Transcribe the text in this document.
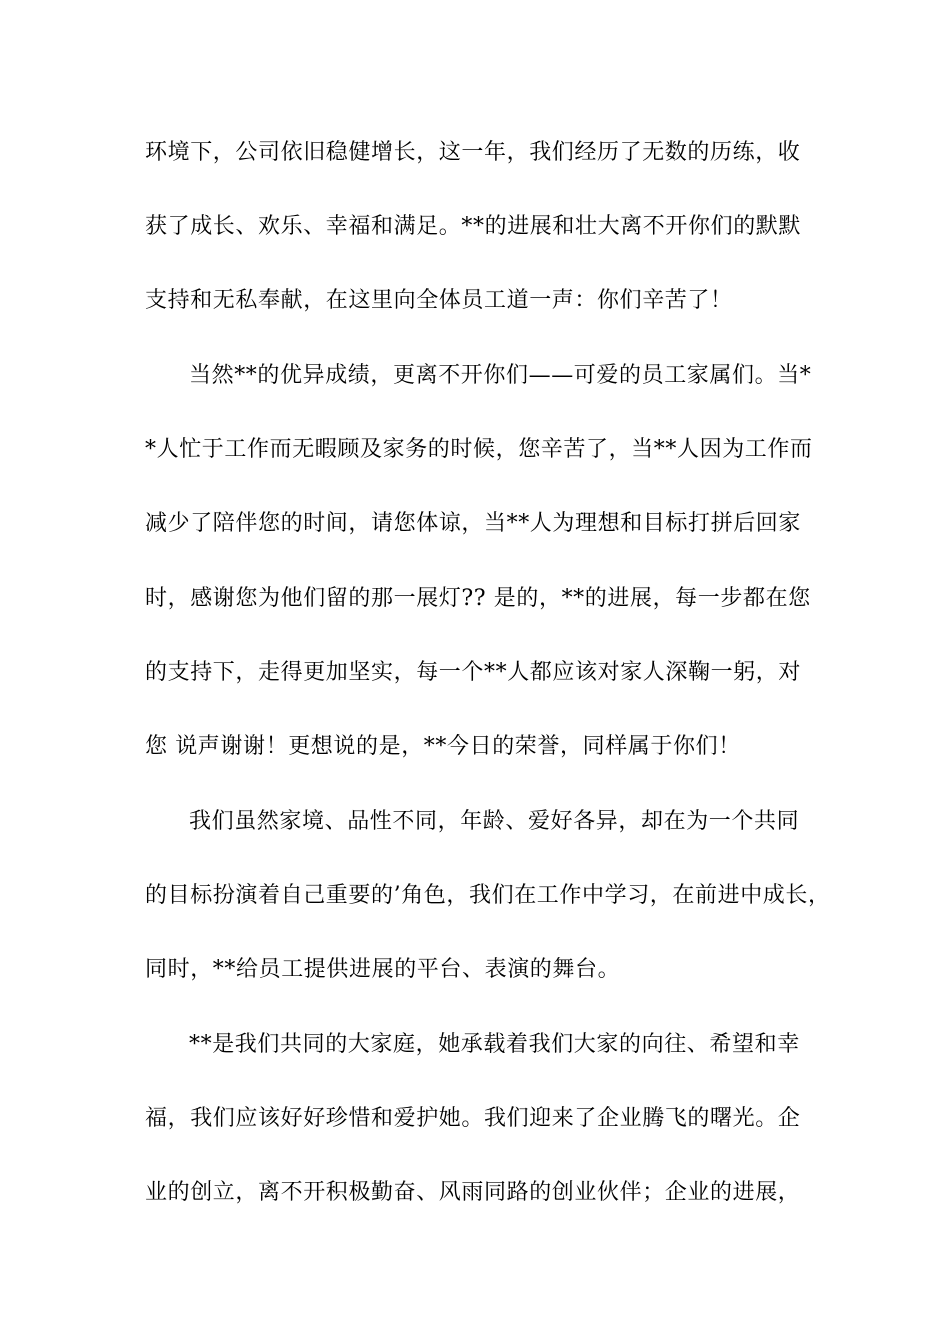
环境下，公司依旧稳健增长，这一年，我们经历了无数的历练，收
获了成长、欢乐、幸福和满足。**的进展和壮大离不开你们的默默
支持和无私奉献，在这里向全体员工道一声：你们辛苦了！
当然**的优异成绩，更离不开你们——可爱的员工家属们。当*
*人忙于工作而无暇顾及家务的时候，您辛苦了，当**人因为工作而
减少了陪伴您的时间，请您体谅，当**人为理想和目标打拼后回家
时，感谢您为他们留的那一展灯?? 是的，**的进展，每一步都在您
的支持下，走得更加坚实，每一个**人都应该对家人深鞠一躬，对
您 说声谢谢！更想说的是，**今日的荣誉，同样属于你们！
我们虽然家境、品性不同，年龄、爱好各异，却在为一个共同
的目标扮演着自己重要的’角色，我们在工作中学习，在前进中成长，
同时，**给员工提供进展的平台、表演的舞台。
**是我们共同的大家庭，她承载着我们大家的向往、希望和幸
福，我们应该好好珍惜和爱护她。我们迎来了企业腾飞的曙光。企
业的创立，离不开积极勤奋、风雨同路的创业伙伴；企业的进展，
